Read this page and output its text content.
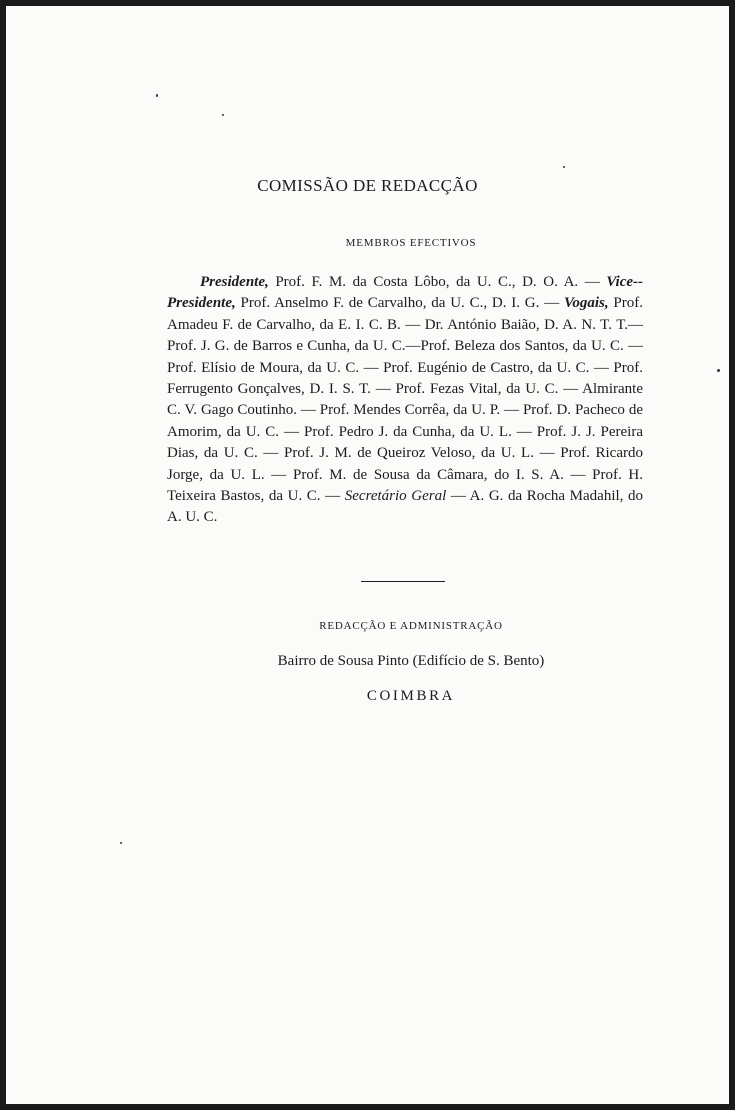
COMISSÃO DE REDACÇÃO
MEMBROS EFECTIVOS

Presidente, Prof. F. M. da Costa Lôbo, da U. C., D. O. A. — Vice--Presidente, Prof. Anselmo F. de Carvalho, da U. C., D. I. G. — Vogais, Prof. Amadeu F. de Carvalho, da E. I. C. B. — Dr. António Baião, D. A. N. T. T.—Prof. J. G. de Barros e Cunha, da U. C.—Prof. Beleza dos Santos, da U. C. — Prof. Elísio de Moura, da U. C. — Prof. Eugénio de Castro, da U. C. — Prof. Ferrugento Gonçalves, D. I. S. T. — Prof. Fezas Vital, da U. C. — Almirante C. V. Gago Coutinho. — Prof. Mendes Corrêa, da U. P. — Prof. D. Pacheco de Amorim, da U. C. — Prof. Pedro J. da Cunha, da U. L. — Prof. J. J. Pereira Dias, da U. C. — Prof. J. M. de Queiroz Veloso, da U. L. — Prof. Ricardo Jorge, da U. L. — Prof. M. de Sousa da Câmara, do I. S. A. — Prof. H. Teixeira Bastos, da U. C. — Secretário Geral — A. G. da Rocha Madahil, do A. U. C.

REDACÇÃO E ADMINISTRAÇÃO
Bairro de Sousa Pinto (Edifício de S. Bento)
COIMBRA
